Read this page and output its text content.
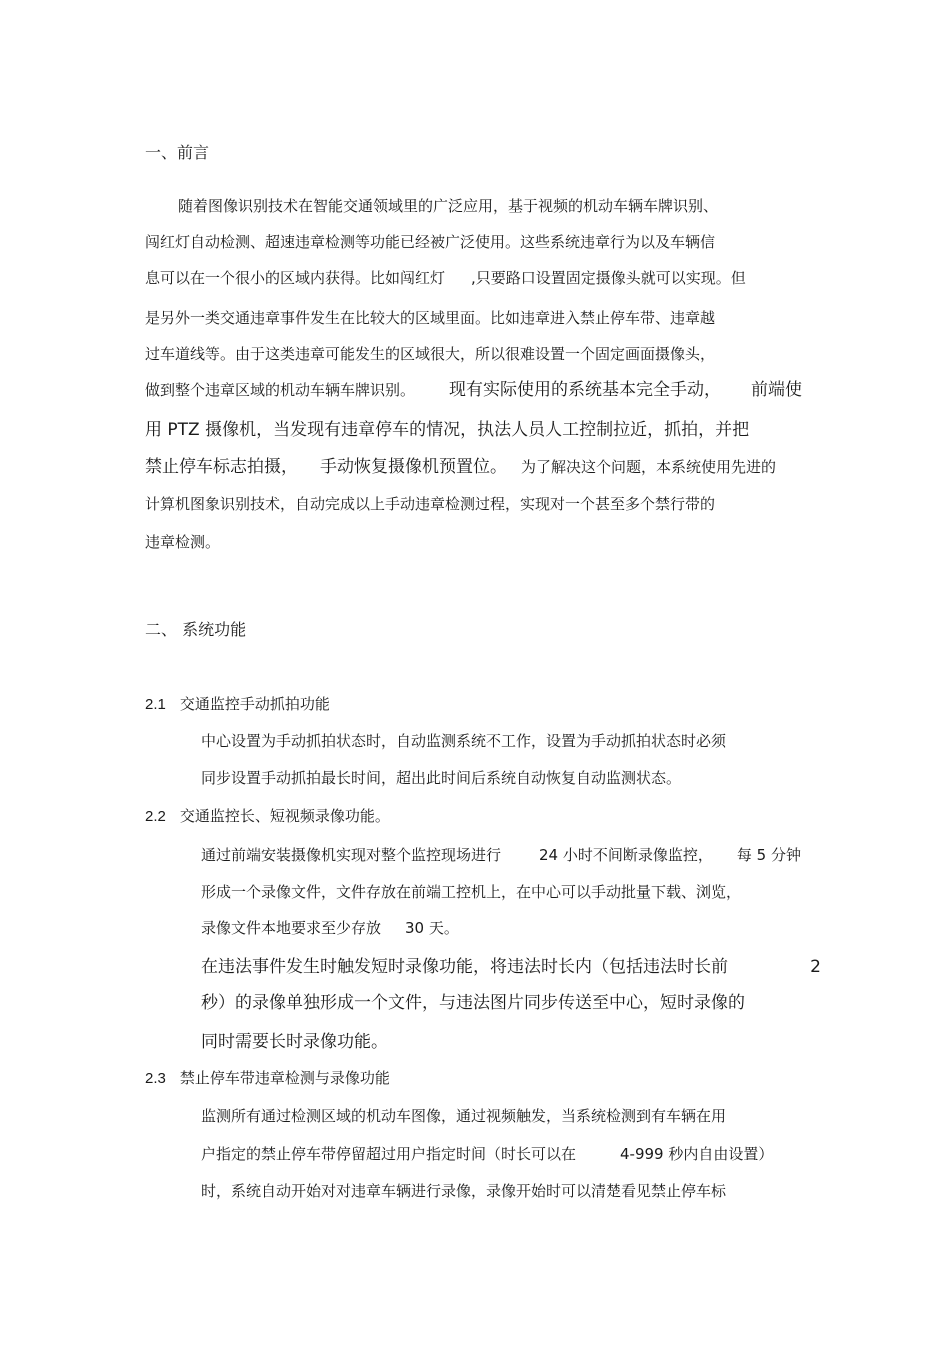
一、前言
随着图像识别技术在智能交通领域里的广泛应用，基于视频的机动车辆车牌识别、
闯红灯自动检测、超速违章检测等功能已经被广泛使用。这些系统违章行为以及车辆信
息可以在一个很小的区域内获得。比如闯红灯 ,只要路口设置固定摄像头就可以实现。但
是另外一类交通违章事件发生在比较大的区域里面。比如违章进入禁止停车带、违章越
过车道线等。由于这类违章可能发生的区域很大，所以很难设置一个固定画面摄像头，
做到整个违章区域的机动车辆车牌识别。 现有实际使用的系统基本完全手动， 前端使
用 PTZ 摄像机，当发现有违章停车的情况，执法人员人工控制拉近，抓拍，并把
禁止停车标志拍摄， 手动恢复摄像机预置位。 为了解决这个问题，本系统使用先进的
计算机图象识别技术，自动完成以上手动违章检测过程，实现对一个甚至多个禁行带的
违章检测。
二、 系统功能
2.1 交通监控手动抓拍功能
中心设置为手动抓拍状态时，自动监测系统不工作，设置为手动抓拍状态时必须
同步设置手动抓拍最长时间，超出此时间后系统自动恢复自动监测状态。
2.2 交通监控长、短视频录像功能。
通过前端安装摄像机实现对整个监控现场进行	24 小时不间断录像监控， 每 5 分钟
形成一个录像文件，文件存放在前端工控机上，在中心可以手动批量下载、浏览，
录像文件本地要求至少存放 30 天。
在违法事件发生时触发短时录像功能，将违法时长内（包括违法时长前	2
秒）的录像单独形成一个文件，与违法图片同步传送至中心，短时录像的
同时需要长时录像功能。
2.3 禁止停车带违章检测与录像功能
监测所有通过检测区域的机动车图像，通过视频触发，当系统检测到有车辆在用
户指定的禁止停车带停留超过用户指定时间（时长可以在	4-999 秒内自由设置）
时，系统自动开始对对违章车辆进行录像，录像开始时可以清楚看见禁止停车标
